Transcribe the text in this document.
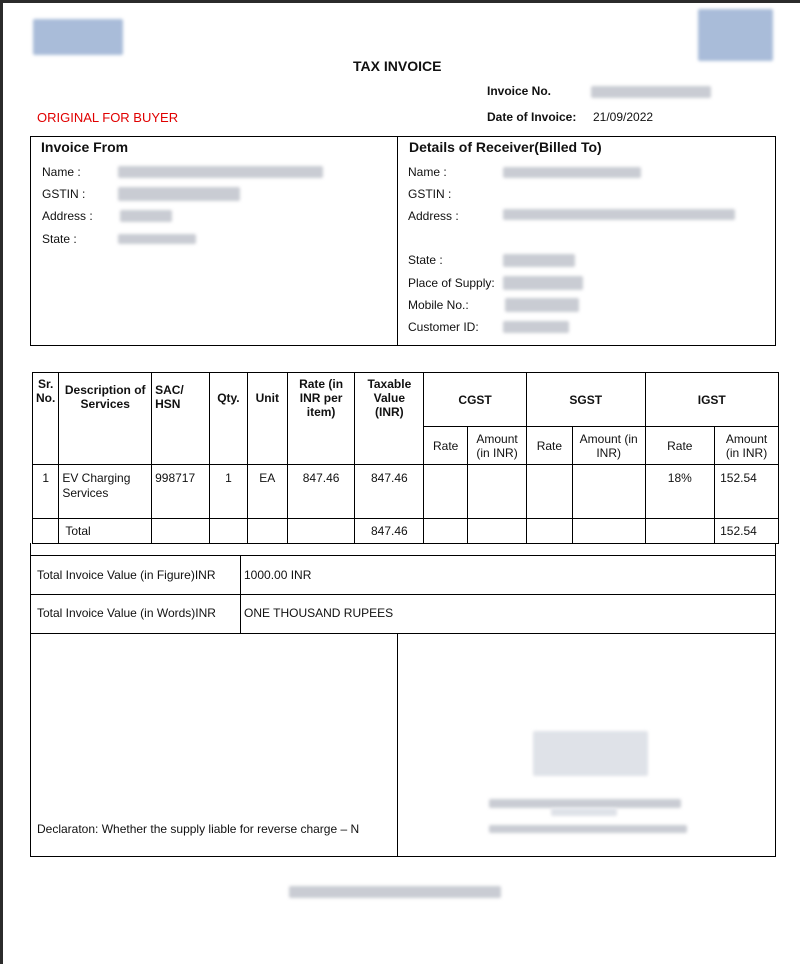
TAX INVOICE
ORIGINAL FOR BUYER
Invoice No.
Date of Invoice: 21/09/2022
Invoice From
Name :
GSTIN :
Address :
State :
Details of Receiver(Billed To)
Name :
GSTIN :
Address :
State :
Place of Supply:
Mobile No.:
Customer ID:
Sr. No.	Description of Services	SAC/ HSN	Qty.	Unit	Rate (in INR per item)	Taxable Value (INR)	CGST		SGST		IGST	
							Rate	Amount (in INR)	Rate	Amount (in INR)	Rate	Amount (in INR)
1	EV Charging Services	998717	1	EA	847.46	847.46					18%	152.54
	Total					847.46						152.54
Total Invoice Value (in Figure)INR 1000.00 INR
Total Invoice Value (in Words)INR ONE THOUSAND RUPEES
Declaraton: Whether the supply liable for reverse charge – N
